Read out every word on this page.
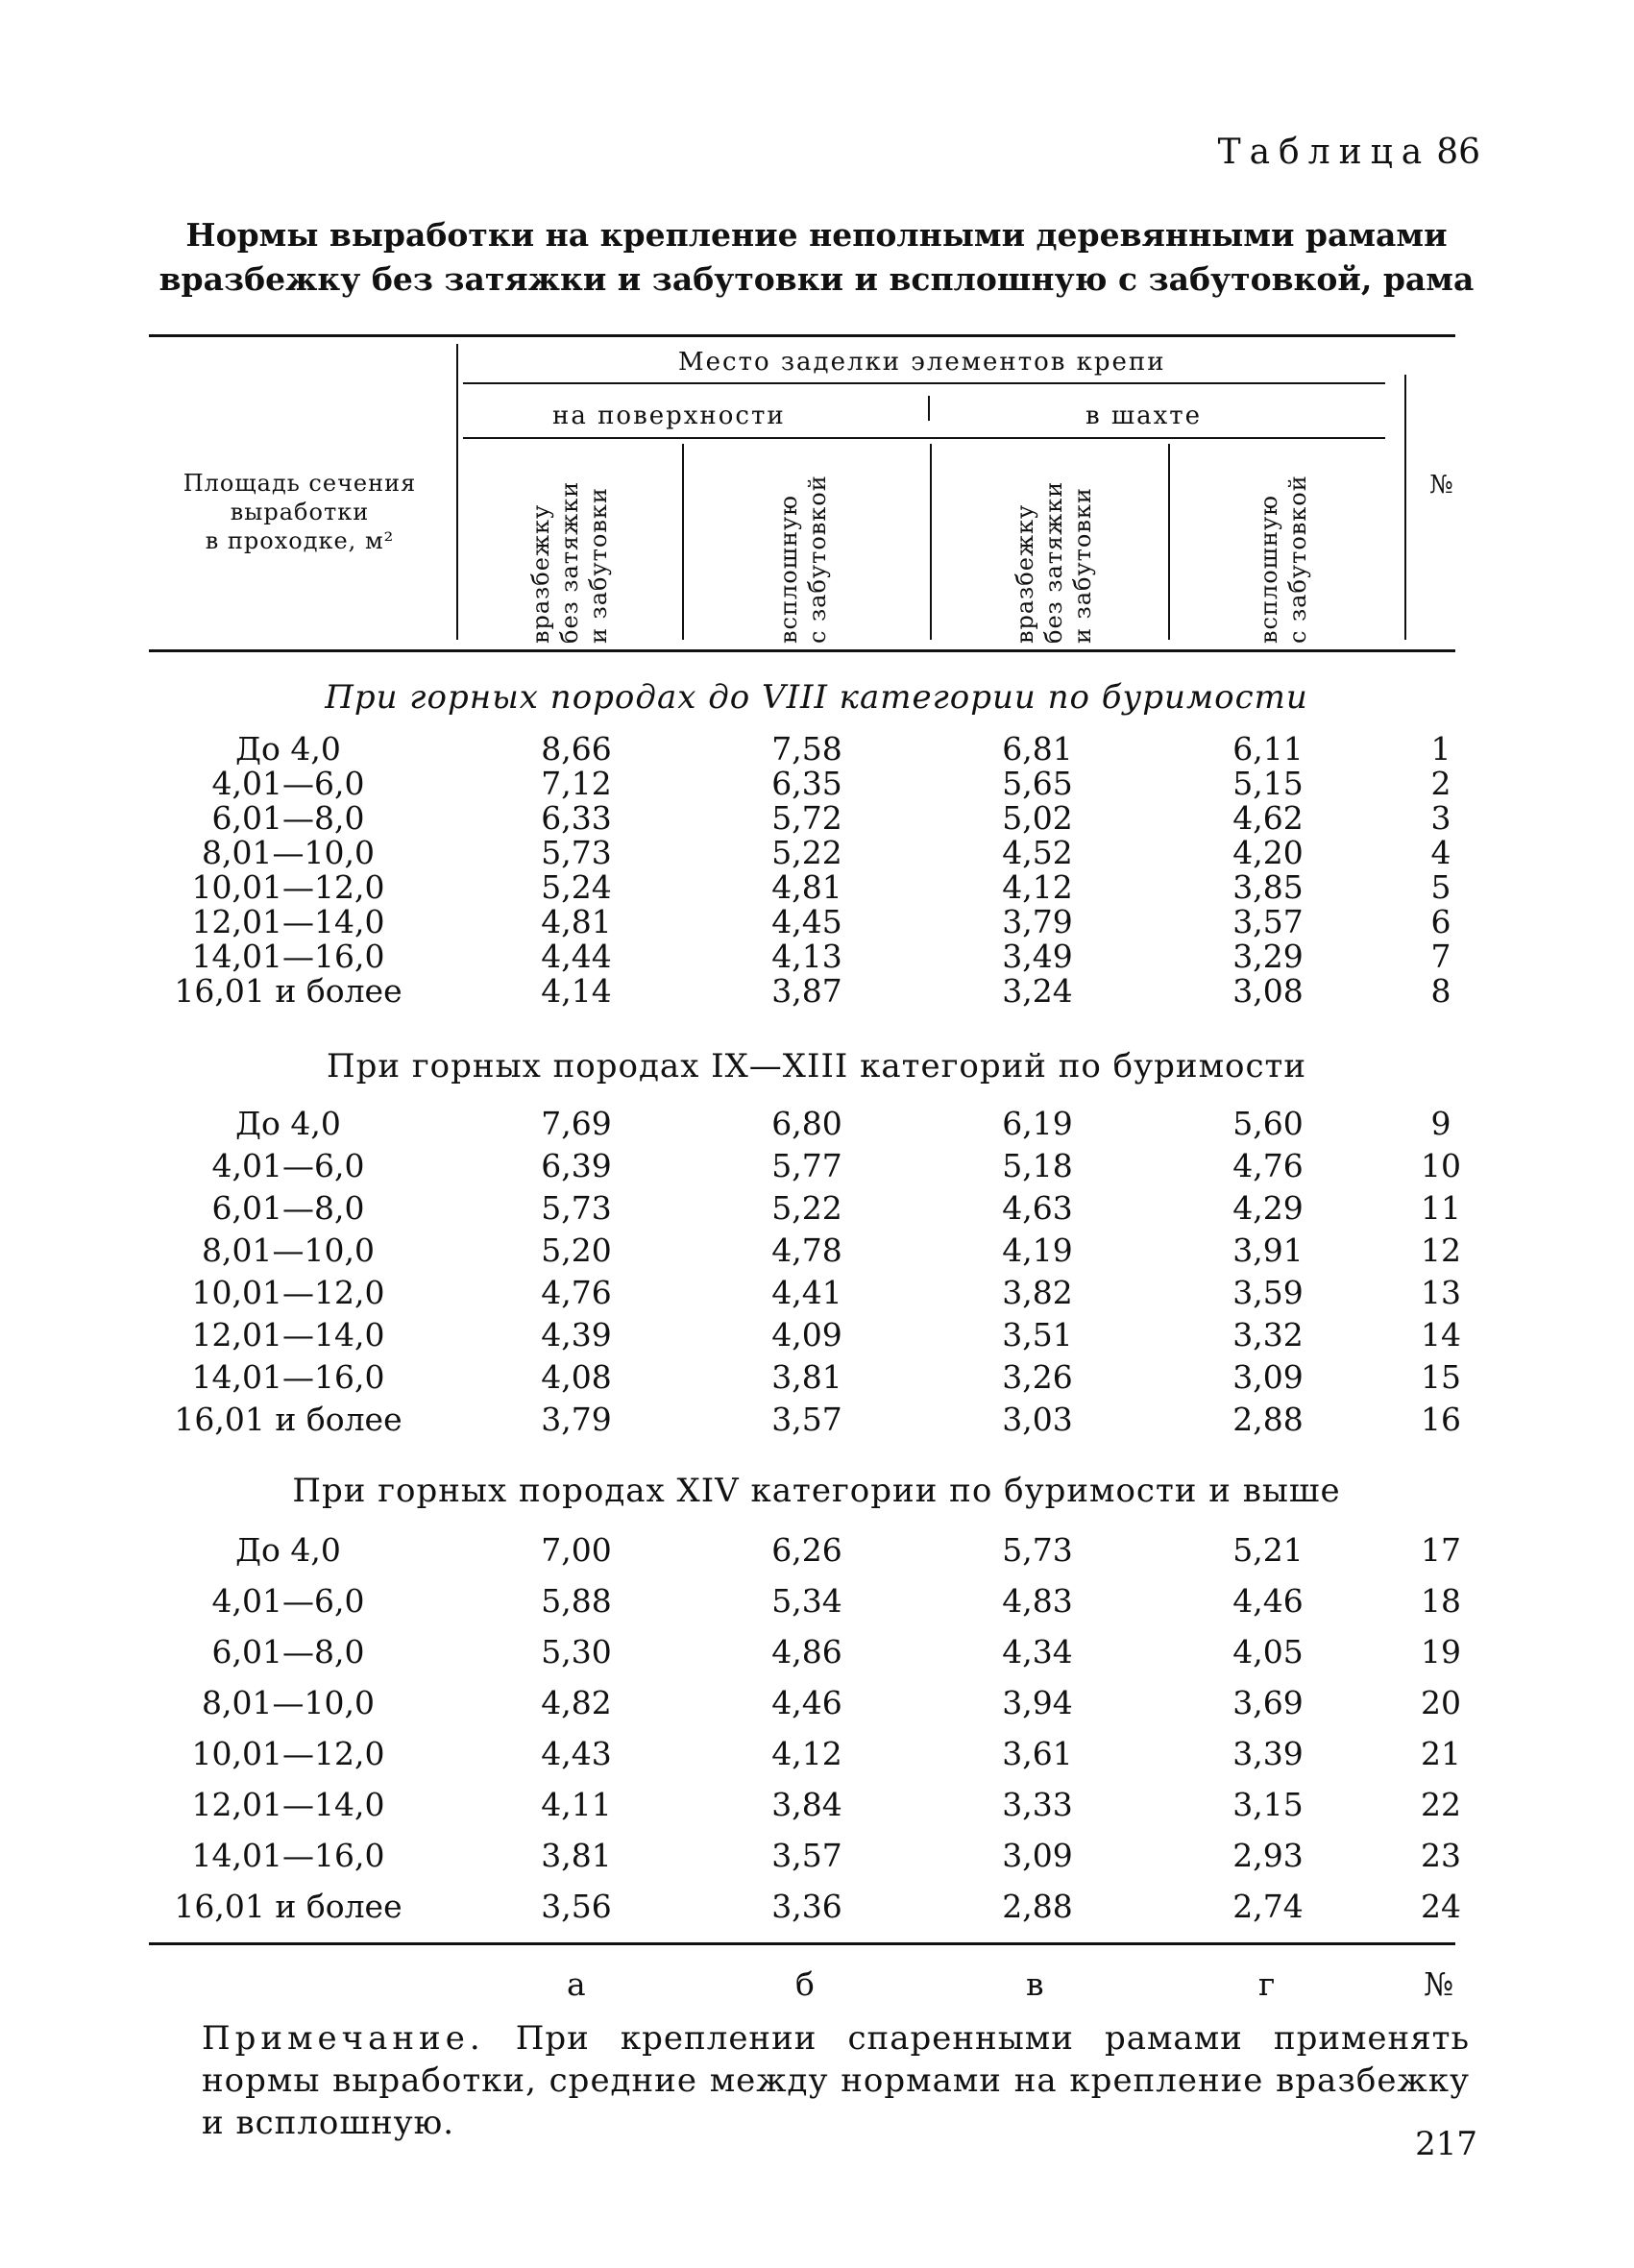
Таблица 86
Нормы выработки на крепление неполными деревянными рамами
вразбежку без затяжки и забутовки и всплошную с забутовкой, рама
Площадь сечения
выработки
в проходке, м²
Место заделки элементов крепи
на поверхности	в шахте
№
вразбежку без затяжки и забутовки	всплошную с забутовкой	вразбежку без затяжки и забутовки	всплошную с забутовкой
При горных породах до VIII категории по буримости
До 4,0	8,66	7,58	6,81	6,11	1
4,01—6,0	7,12	6,35	5,65	5,15	2
6,01—8,0	6,33	5,72	5,02	4,62	3
8,01—10,0	5,73	5,22	4,52	4,20	4
10,01—12,0	5,24	4,81	4,12	3,85	5
12,01—14,0	4,81	4,45	3,79	3,57	6
14,01—16,0	4,44	4,13	3,49	3,29	7
16,01 и более	4,14	3,87	3,24	3,08	8
При горных породах IX—XIII категорий по буримости
До 4,0	7,69	6,80	6,19	5,60	9
4,01—6,0	6,39	5,77	5,18	4,76	10
6,01—8,0	5,73	5,22	4,63	4,29	11
8,01—10,0	5,20	4,78	4,19	3,91	12
10,01—12,0	4,76	4,41	3,82	3,59	13
12,01—14,0	4,39	4,09	3,51	3,32	14
14,01—16,0	4,08	3,81	3,26	3,09	15
16,01 и более	3,79	3,57	3,03	2,88	16
При горных породах XIV категории по буримости и выше
До 4,0	7,00	6,26	5,73	5,21	17
4,01—6,0	5,88	5,34	4,83	4,46	18
6,01—8,0	5,30	4,86	4,34	4,05	19
8,01—10,0	4,82	4,46	3,94	3,69	20
10,01—12,0	4,43	4,12	3,61	3,39	21
12,01—14,0	4,11	3,84	3,33	3,15	22
14,01—16,0	3,81	3,57	3,09	2,93	23
16,01 и более	3,56	3,36	2,88	2,74	24
а	б	в	г	№
Примечание. При креплении спаренными рамами применять нормы выработки, средние между нормами на крепление вразбежку и всплошную.
217
